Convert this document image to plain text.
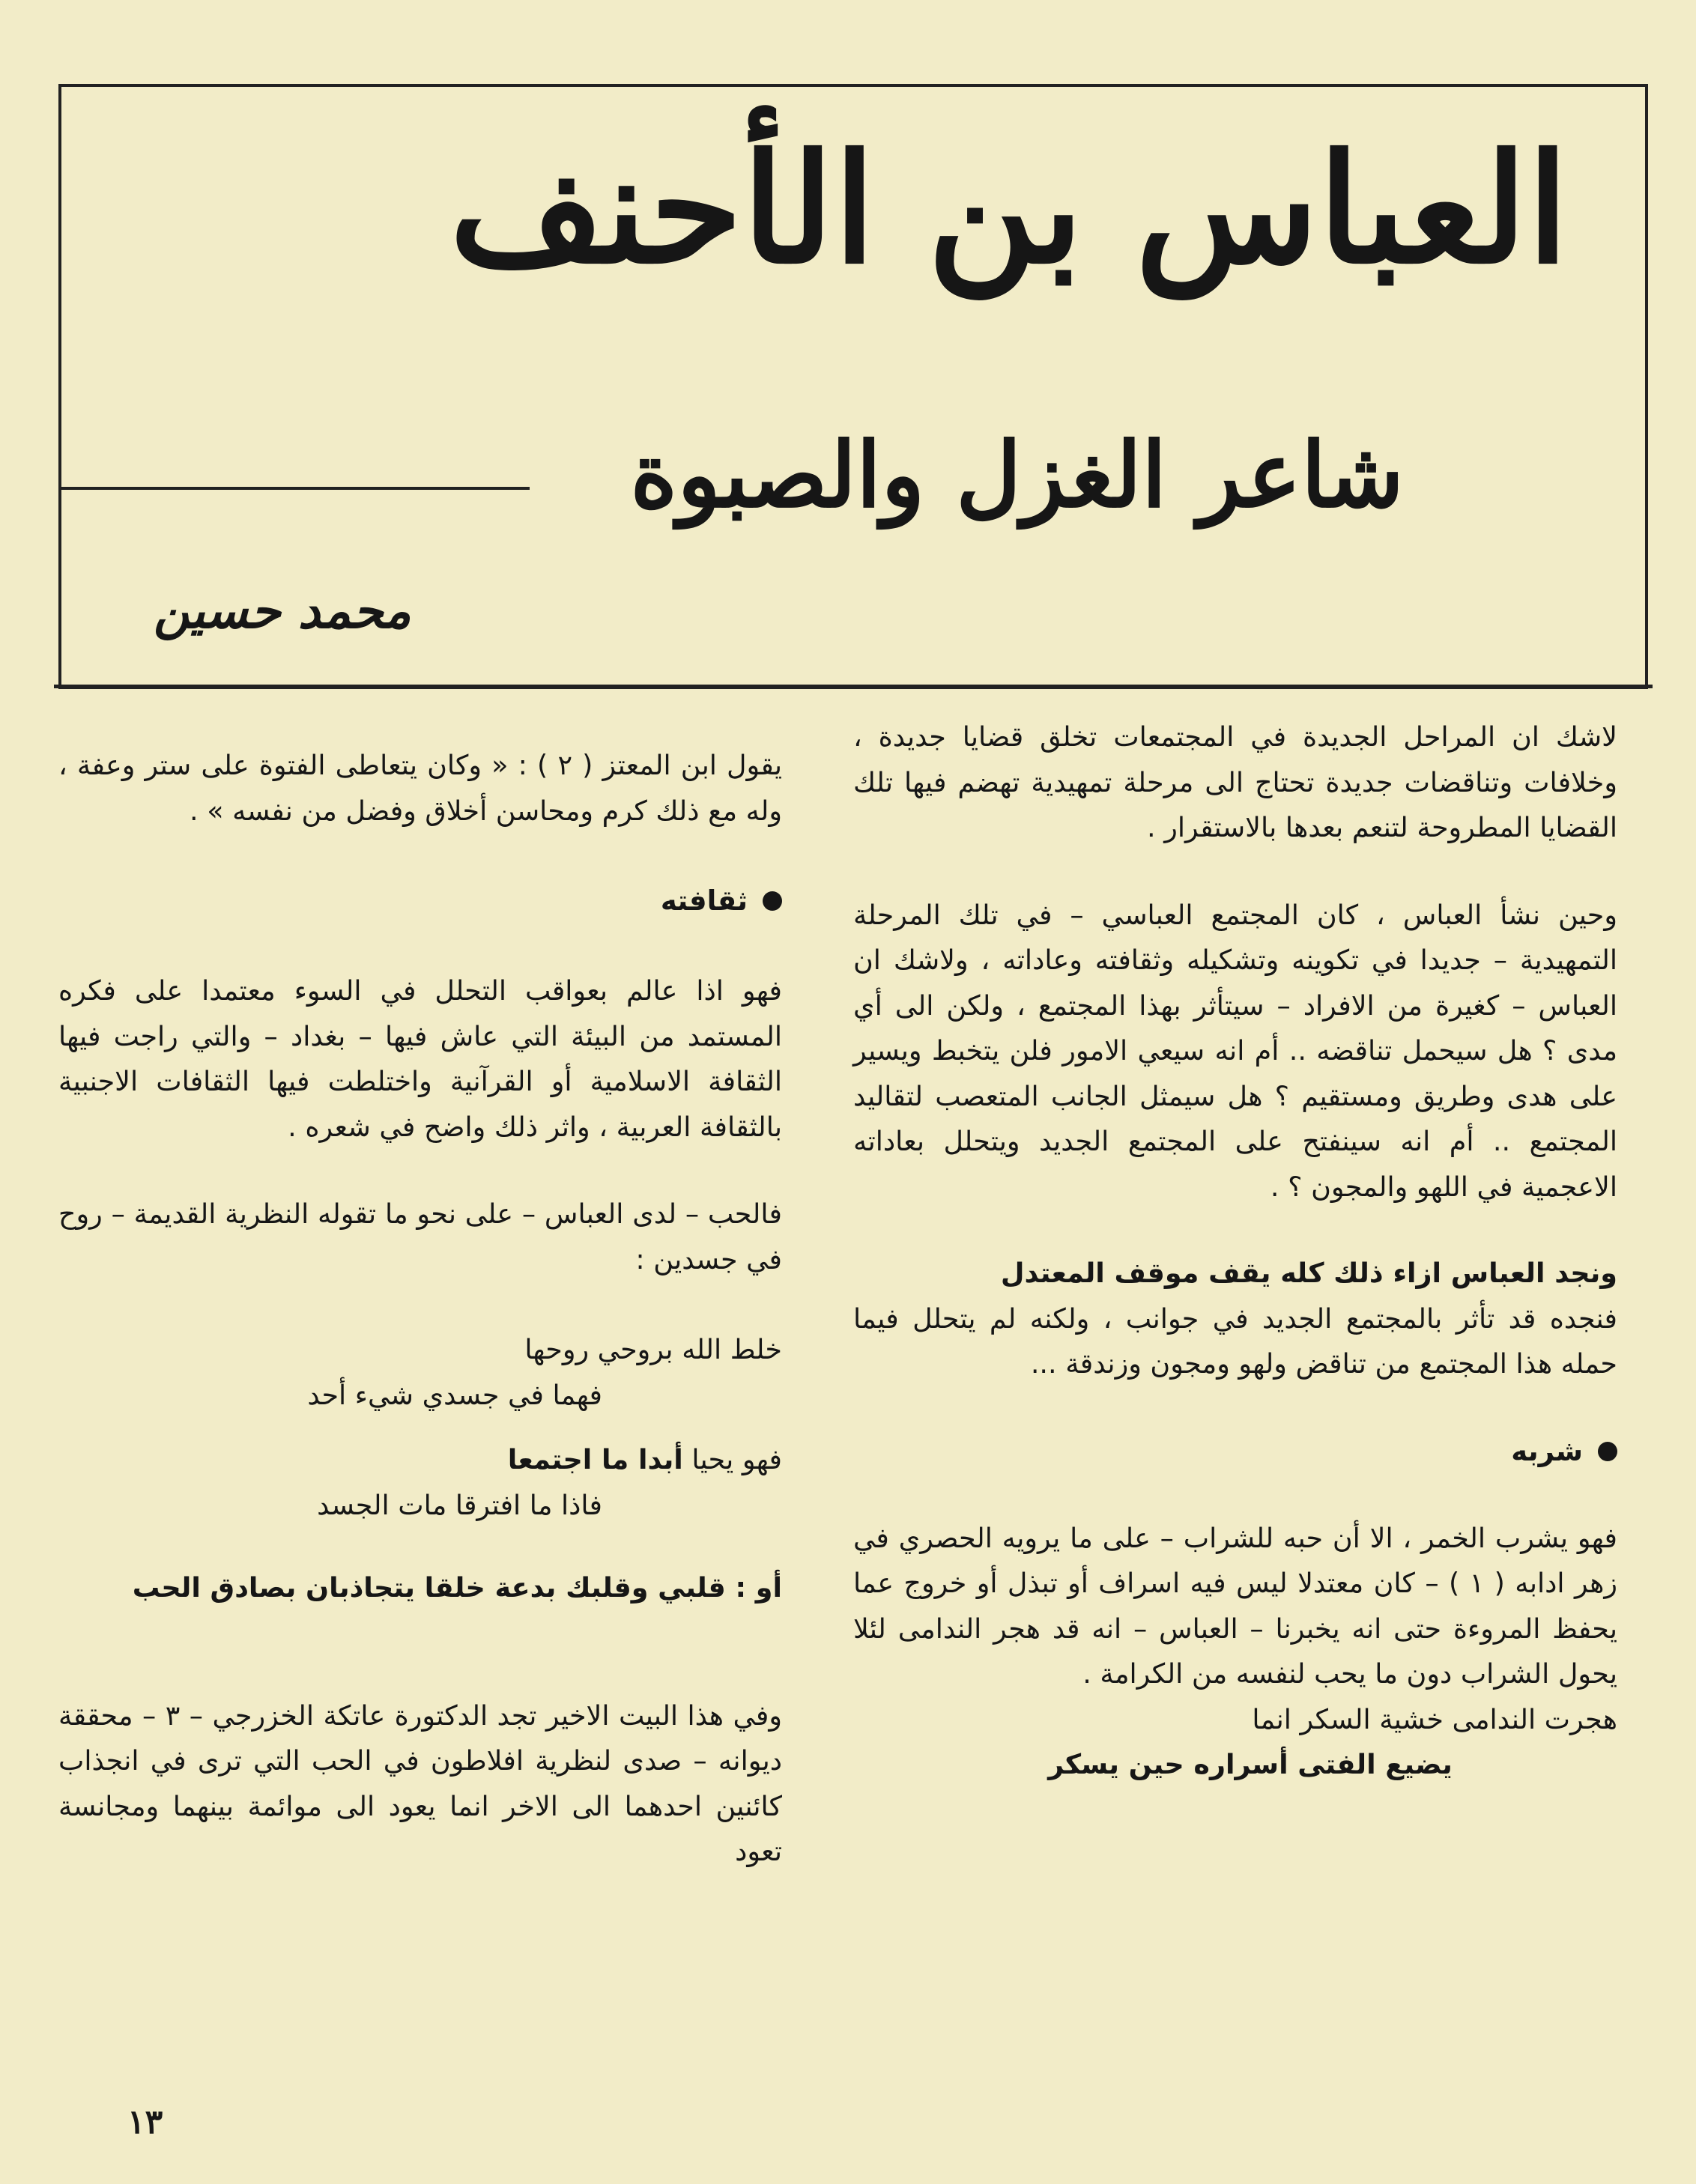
العباس بن الأحنف
شاعر الغزل والصبوة
محمد حسين

لاشك ان المراحل الجديدة في المجتمعات تخلق قضايا جديدة ، وخلافات وتناقضات جديدة تحتاج الى مرحلة تمهيدية تهضم فيها تلك القضايا المطروحة لتنعم بعدها بالاستقرار .

وحين نشأ العباس ، كان المجتمع العباسي – في تلك المرحلة التمهيدية – جديدا في تكوينه وتشكيله وثقافته وعاداته ، ولاشك ان العباس – كغيرة من الافراد – سيتأثر بهذا المجتمع ، ولكن الى أي مدى ؟ هل سيحمل تناقضه .. أم انه سيعي الامور فلن يتخبط ويسير على هدى وطريق ومستقيم ؟ هل سيمثل الجانب المتعصب لتقاليد المجتمع .. أم انه سينفتح على المجتمع الجديد ويتحلل بعاداته الاعجمية في اللهو والمجون ؟ .

ونجد العباس ازاء ذلك كله يقف موقف المعتدل

فنجده قد تأثر بالمجتمع الجديد في جوانب ، ولكنه لم يتحلل فيما حمله هذا المجتمع من تناقض ولهو ومجون وزندقة ...

شربه

فهو يشرب الخمر ، الا أن حبه للشراب – على ما يرويه الحصري في زهر ادابه ( ١ ) – كان معتدلا ليس فيه اسراف أو تبذل أو خروج عما يحفظ المروءة حتى انه يخبرنا – العباس – انه قد هجر الندامى لئلا يحول الشراب دون ما يحب لنفسه من الكرامة .

هجرت الندامى خشية السكر انما

يضيع الفتى أسراره حين يسكر

يقول ابن المعتز ( ٢ ) : « وكان يتعاطى الفتوة على ستر وعفة ، وله مع ذلك كرم ومحاسن أخلاق وفضل من نفسه » .

ثقافته

فهو اذا عالم بعواقب التحلل في السوء معتمدا على فكره المستمد من البيئة التي عاش فيها – بغداد – والتي راجت فيها الثقافة الاسلامية أو القرآنية واختلطت فيها الثقافات الاجنبية بالثقافة العربية ، واثر ذلك واضح في شعره .

فالحب – لدى العباس – على نحو ما تقوله النظرية القديمة – روح في جسدين :

خلط الله بروحي روحها

فهما في جسدي شيء أحد

فهو يحيا أبدا ما اجتمعا

فاذا ما افترقا مات الجسد

أو : قلبي وقلبك بدعة خلقا يتجاذبان بصادق الحب

وفي هذا البيت الاخير تجد الدكتورة عاتكة الخزرجي – ٣ – محققة ديوانه – صدى لنظرية افلاطون في الحب التي ترى في انجذاب كائنين احدهما الى الاخر انما يعود الى موائمة بينهما ومجانسة تعود

١٣
